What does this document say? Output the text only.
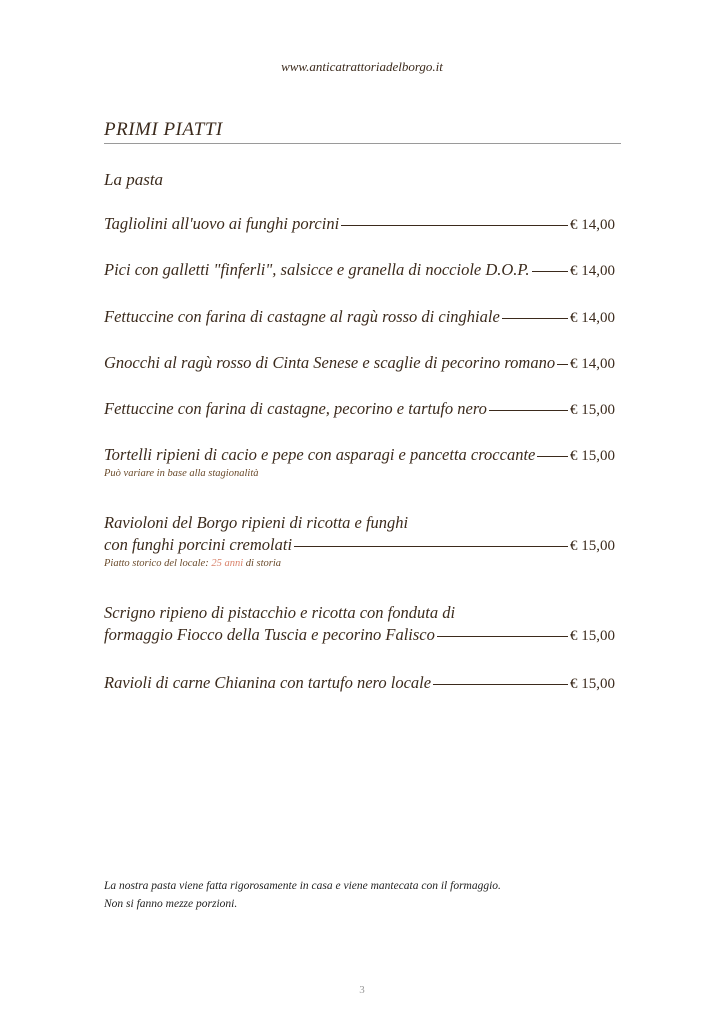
www.anticatrattoriadelborgo.it
PRIMI PIATTI
La pasta
Tagliolini all'uovo ai funghi porcini	€ 14,00
Pici con galletti "finferli", salsicce e granella di nocciole D.O.P.	€ 14,00
Fettuccine con farina di castagne al ragù rosso di cinghiale	€ 14,00
Gnocchi al ragù rosso di Cinta Senese e scaglie di pecorino romano € 14,00
Fettuccine con farina di castagne, pecorino e tartufo nero	€ 15,00
Tortelli ripieni di cacio e pepe con asparagi e pancetta croccante € 15,00
Può variare in base alla stagionalità
Ravioloni del Borgo ripieni di ricotta e funghi
con funghi porcini cremolati	€ 15,00
Piatto storico del locale: 25 anni di storia
Scrigno ripieno di pistacchio e ricotta con fonduta di
formaggio Fiocco della Tuscia e pecorino Falisco	€ 15,00
Ravioli di carne Chianina con tartufo nero locale	€ 15,00
La nostra pasta viene fatta rigorosamente in casa e viene mantecata con il formaggio.
Non si fanno mezze porzioni.
3
